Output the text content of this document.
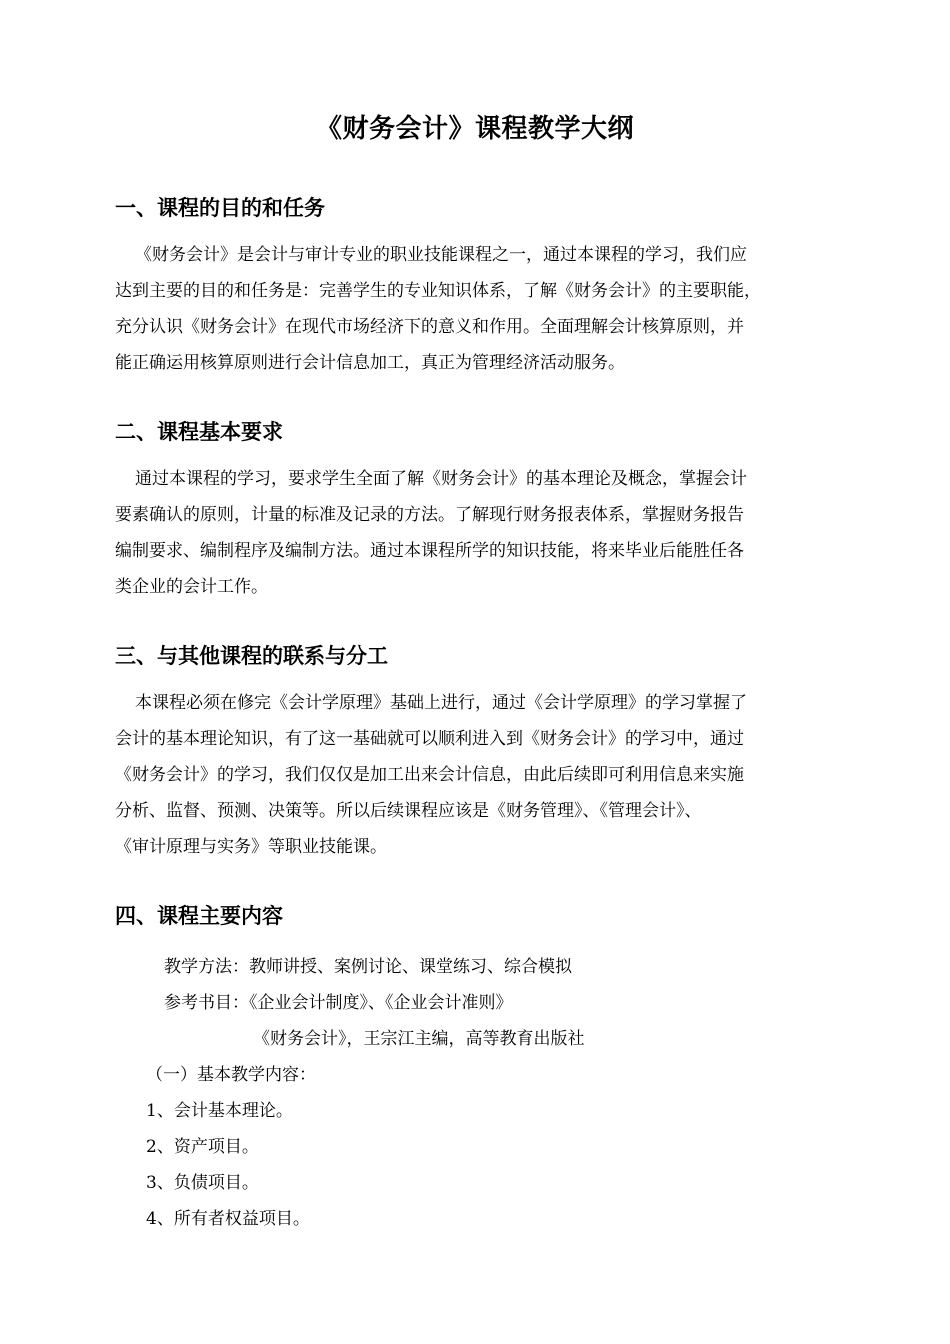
《财务会计》课程教学大纲
一、课程的目的和任务
《财务会计》是会计与审计专业的职业技能课程之一，通过本课程的学习，我们应
达到主要的目的和任务是：完善学生的专业知识体系，了解《财务会计》的主要职能，
充分认识《财务会计》在现代市场经济下的意义和作用。全面理解会计核算原则，并
能正确运用核算原则进行会计信息加工，真正为管理经济活动服务。
二、课程基本要求
通过本课程的学习，要求学生全面了解《财务会计》的基本理论及概念，掌握会计
要素确认的原则，计量的标准及记录的方法。了解现行财务报表体系，掌握财务报告
编制要求、编制程序及编制方法。通过本课程所学的知识技能，将来毕业后能胜任各
类企业的会计工作。
三、与其他课程的联系与分工
本课程必须在修完《会计学原理》基础上进行，通过《会计学原理》的学习掌握了
会计的基本理论知识，有了这一基础就可以顺利进入到《财务会计》的学习中，通过
《财务会计》的学习，我们仅仅是加工出来会计信息，由此后续即可利用信息来实施
分析、监督、预测、决策等。所以后续课程应该是《财务管理》、《管理会计》、
《审计原理与实务》等职业技能课。
四、课程主要内容
教学方法：教师讲授、案例讨论、课堂练习、综合模拟
参考书目：《企业会计制度》、《企业会计准则》
《财务会计》，王宗江主编，高等教育出版社
（一）基本教学内容：
1、会计基本理论。
2、资产项目。
3、负债项目。
4、所有者权益项目。
